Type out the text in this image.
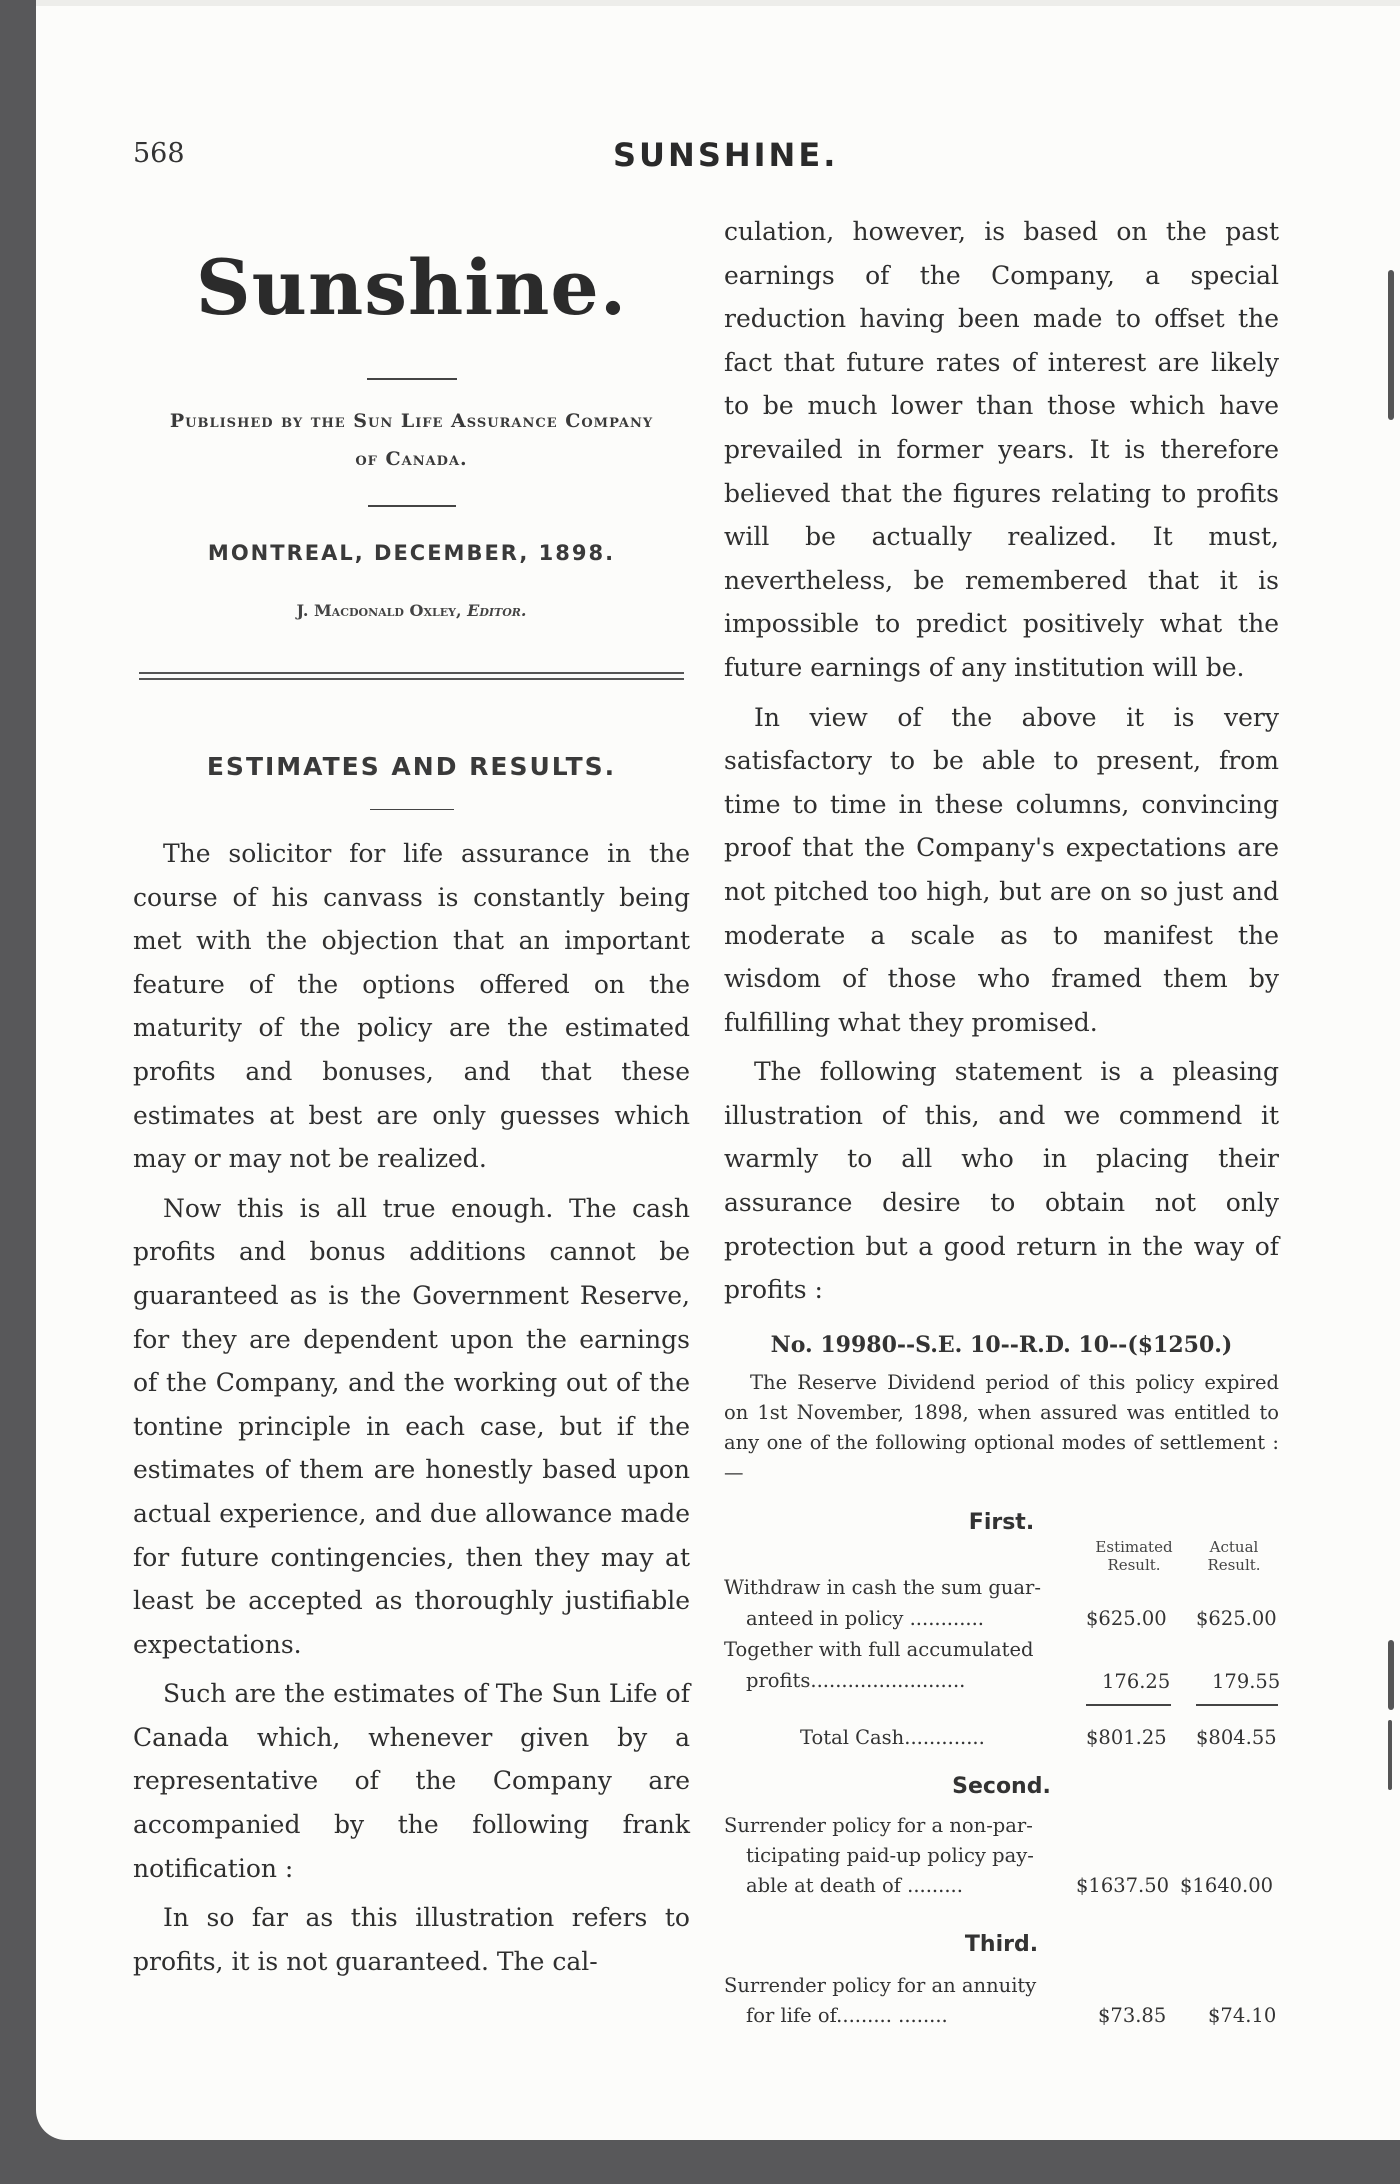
568	SUNSHINE.
Sunshine.
Published by the Sun Life Assurance Company
of Canada.
MONTREAL, DECEMBER, 1898.
J. Macdonald Oxley, Editor.
ESTIMATES AND RESULTS.

The solicitor for life assurance in the course of his canvass is constantly being met with the objection that an important feature of the options offered on the maturity of the policy are the estimated profits and bonuses, and that these estimates at best are only guesses which may or may not be realized.

Now this is all true enough. The cash profits and bonus additions cannot be guaranteed as is the Government Reserve, for they are dependent upon the earnings of the Company, and the working out of the tontine principle in each case, but if the estimates of them are honestly based upon actual experience, and due allowance made for future contingencies, then they may at least be accepted as thoroughly justifiable expectations.

Such are the estimates of The Sun Life of Canada which, whenever given by a representative of the Company are accompanied by the following frank notification :

In so far as this illustration refers to profits, it is not guaranteed. The cal-

culation, however, is based on the past earnings of the Company, a special reduction having been made to offset the fact that future rates of interest are likely to be much lower than those which have prevailed in former years. It is therefore believed that the figures relating to profits will be actually realized. It must, nevertheless, be remembered that it is impossible to predict positively what the future earnings of any institution will be.

In view of the above it is very satisfactory to be able to present, from time to time in these columns, convincing proof that the Company's expectations are not pitched too high, but are on so just and moderate a scale as to manifest the wisdom of those who framed them by fulfilling what they promised.

The following statement is a pleasing illustration of this, and we commend it warmly to all who in placing their assurance desire to obtain not only protection but a good return in the way of profits :

No. 19980--S.E. 10--R.D. 10--($1250.)

The Reserve Dividend period of this policy expired on 1st November, 1898, when assured was entitled to any one of the following optional modes of settlement :—

First.
Estimated Result.
Actual Result.
Withdraw in cash the sum guar-
anteed in policy ............	$625.00 $625.00
Together with full accumulated
profits.........................	176.25 179.55
Total Cash.............	$801.25 $804.55
Second.
Surrender policy for a non-par-
ticipating paid-up policy pay-
able at death of .........	$1637.50 $1640.00
Third.
Surrender policy for an annuity
for life of......... ........	$73.85 $74.10
